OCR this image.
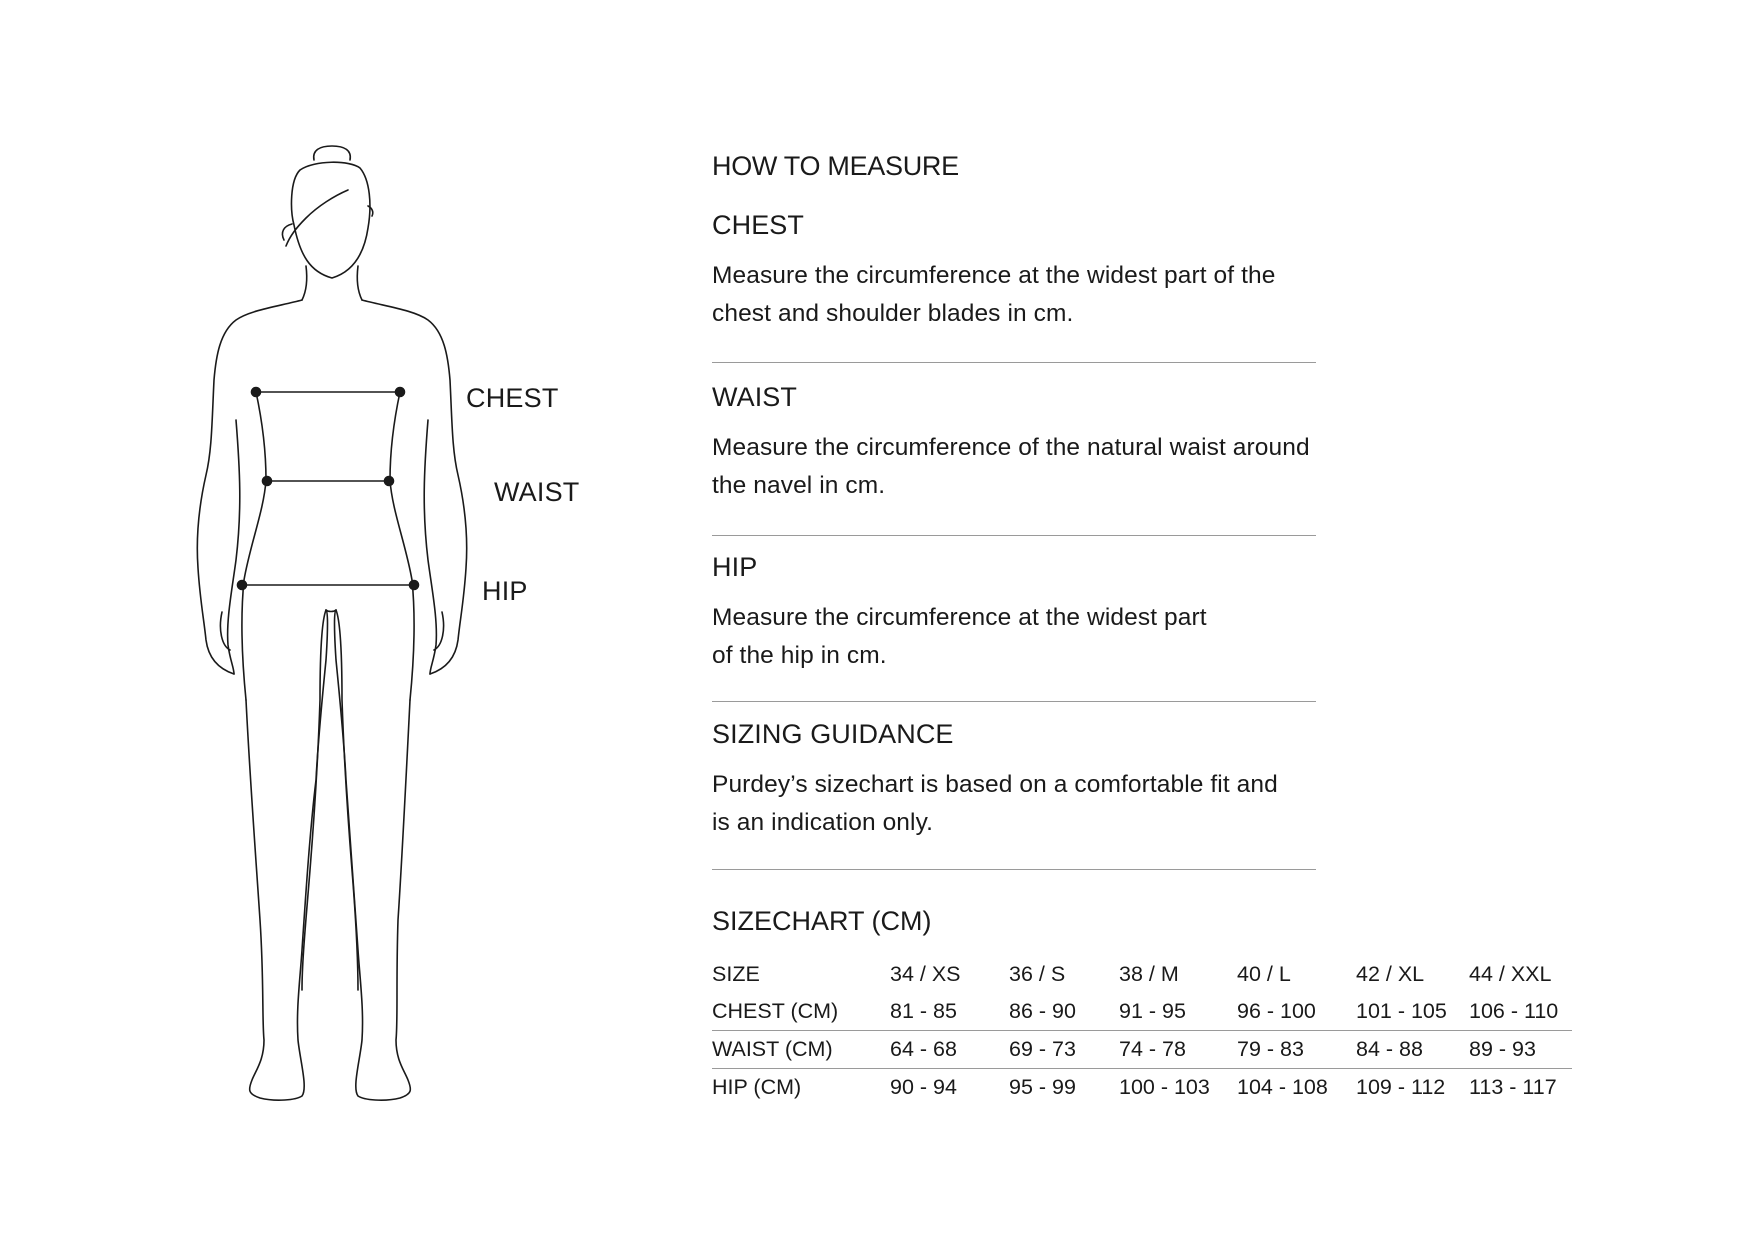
CHEST
WAIST
HIP
HOW TO MEASURE
CHEST

Measure the circumference at the widest part of the chest and shoulder blades in cm.

WAIST

Measure the circumference of the natural waist around the navel in cm.

HIP

Measure the circumference at the widest part of the hip in cm.

SIZING GUIDANCE

Purdey’s sizechart is based on a comfortable fit and is an indication only.

SIZECHART (CM)
SIZE	34 / XS	36 / S	38 / M	40 / L	42 / XL	44 / XXL
CHEST (CM)	81 - 85	86 - 90	91 - 95	96 - 100	101 - 105	106 - 110
WAIST (CM)	64 - 68	69 - 73	74 - 78	79 - 83	84 - 88	89 - 93
HIP (CM)	90 - 94	95 - 99	100 - 103	104 - 108	109 - 112	113 - 117
